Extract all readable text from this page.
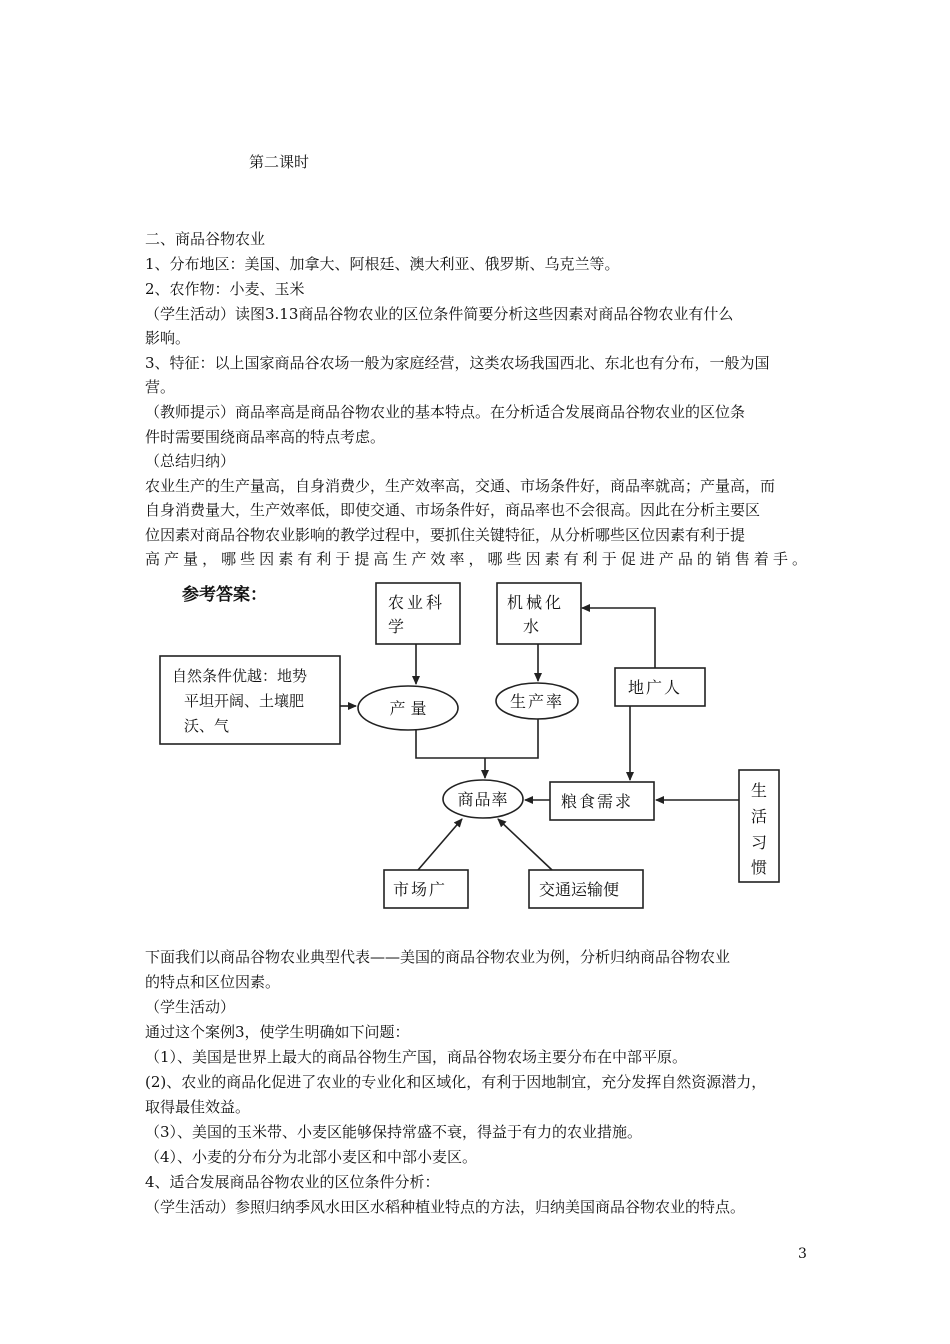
第二课时
二、商品谷物农业
1、分布地区：美国、加拿大、阿根廷、澳大利亚、俄罗斯、乌克兰等。
2、农作物：小麦、玉米
（学生活动）读图3.13商品谷物农业的区位条件简要分析这些因素对商品谷物农业有什么
影响。
3、特征：以上国家商品谷农场一般为家庭经营，这类农场我国西北、东北也有分布，一般为国
营。
（教师提示）商品率高是商品谷物农业的基本特点。在分析适合发展商品谷物农业的区位条
件时需要围绕商品率高的特点考虑。
（总结归纳）
农业生产的生产量高，自身消费少，生产效率高，交通、市场条件好，商品率就高；产量高，而
自身消费量大，生产效率低，即使交通、市场条件好，商品率也不会很高。因此在分析主要区
位因素对商品谷物农业影响的教学过程中，要抓住关键特征，从分析哪些区位因素有利于提
高产量，哪些因素有利于提高生产效率，哪些因素有利于促进产品的销售着手。
参考答案：	农业科
学
机械化
水
地广人
自然条件优越：地势
平坦开阔、土壤肥
沃、气
产 量	生产率
商品率	粮食需求
生
活
习
惯
市场广	交通运输便
下面我们以商品谷物农业典型代表——美国的商品谷物农业为例，分析归纳商品谷物农业
的特点和区位因素。
（学生活动）
通过这个案例3，使学生明确如下问题：
（1）、美国是世界上最大的商品谷物生产国，商品谷物农场主要分布在中部平原。
(2)、农业的商品化促进了农业的专业化和区域化，有利于因地制宜，充分发挥自然资源潜力，
取得最佳效益。
（3）、美国的玉米带、小麦区能够保持常盛不衰，得益于有力的农业措施。
（4）、小麦的分布分为北部小麦区和中部小麦区。
4、适合发展商品谷物农业的区位条件分析：
（学生活动）参照归纳季风水田区水稻种植业特点的方法，归纳美国商品谷物农业的特点。
3
